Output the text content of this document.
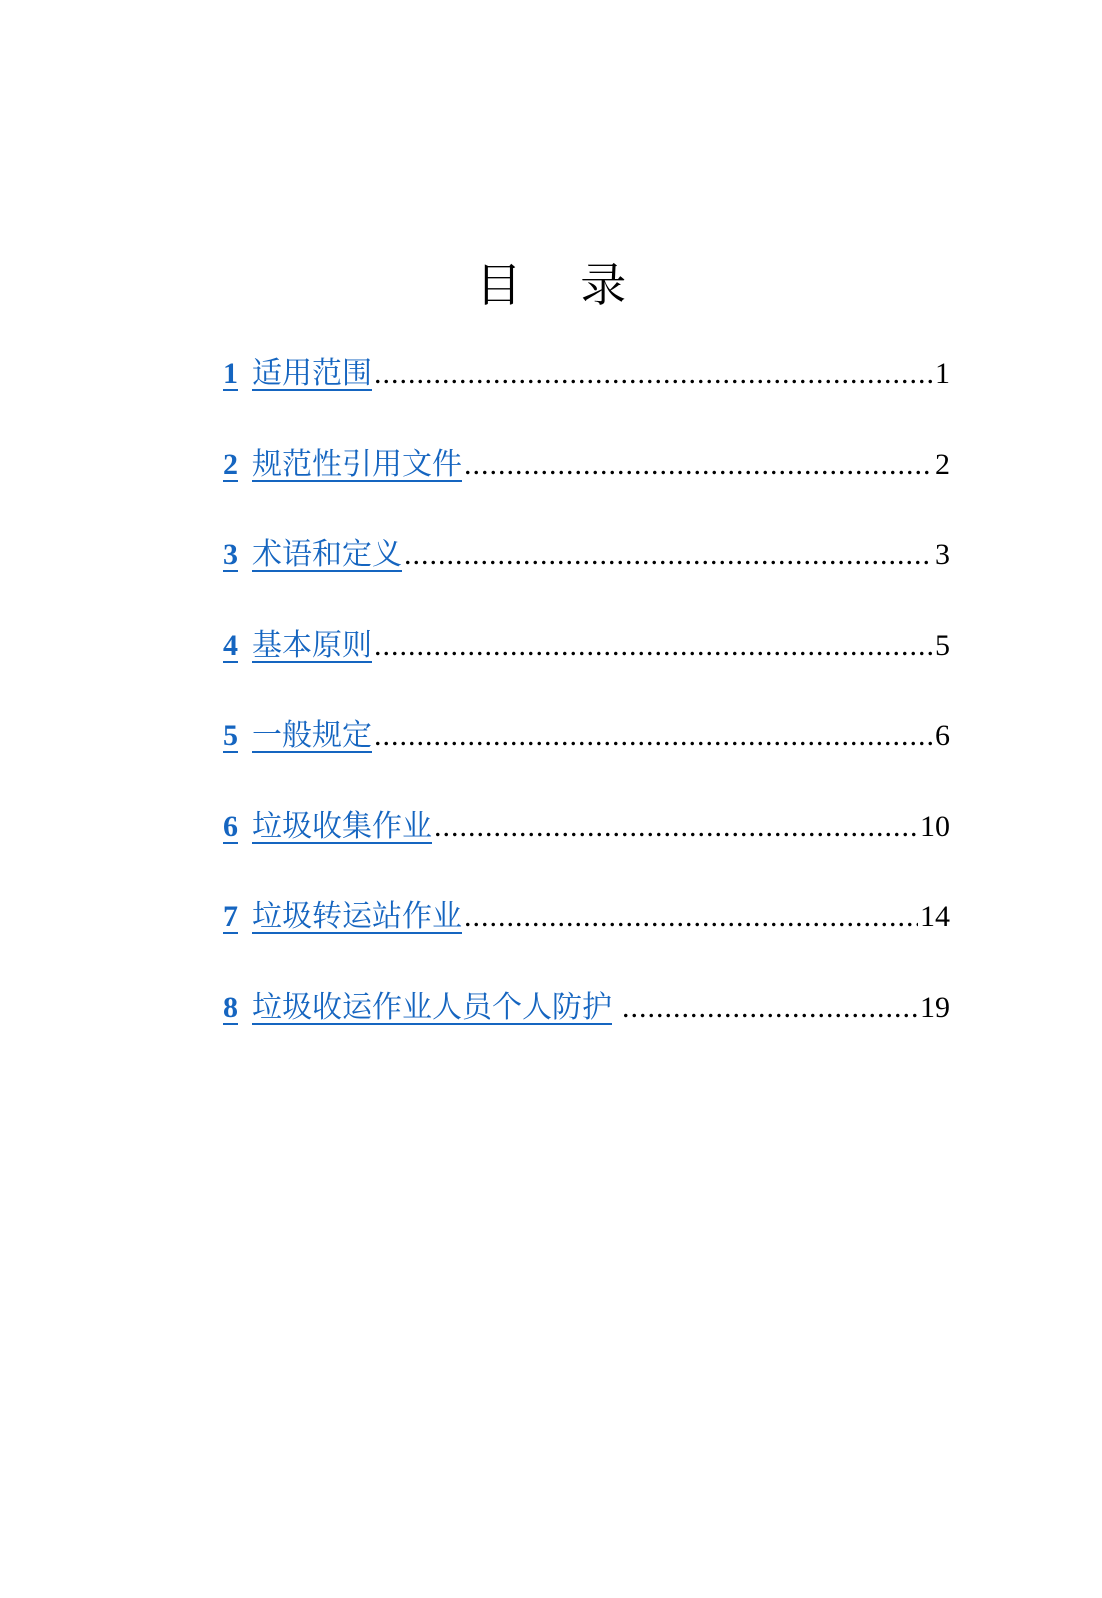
目 录
1 适用范围 .....	1
2 规范性引用文件 .....	2
3 术语和定义 .....	3
4 基本原则 .....	5
5 一般规定 .....	6
6 垃圾收集作业 .....	10
7 垃圾转运站作业 .....	14
8 垃圾收运作业人员个人防护 .....	19
